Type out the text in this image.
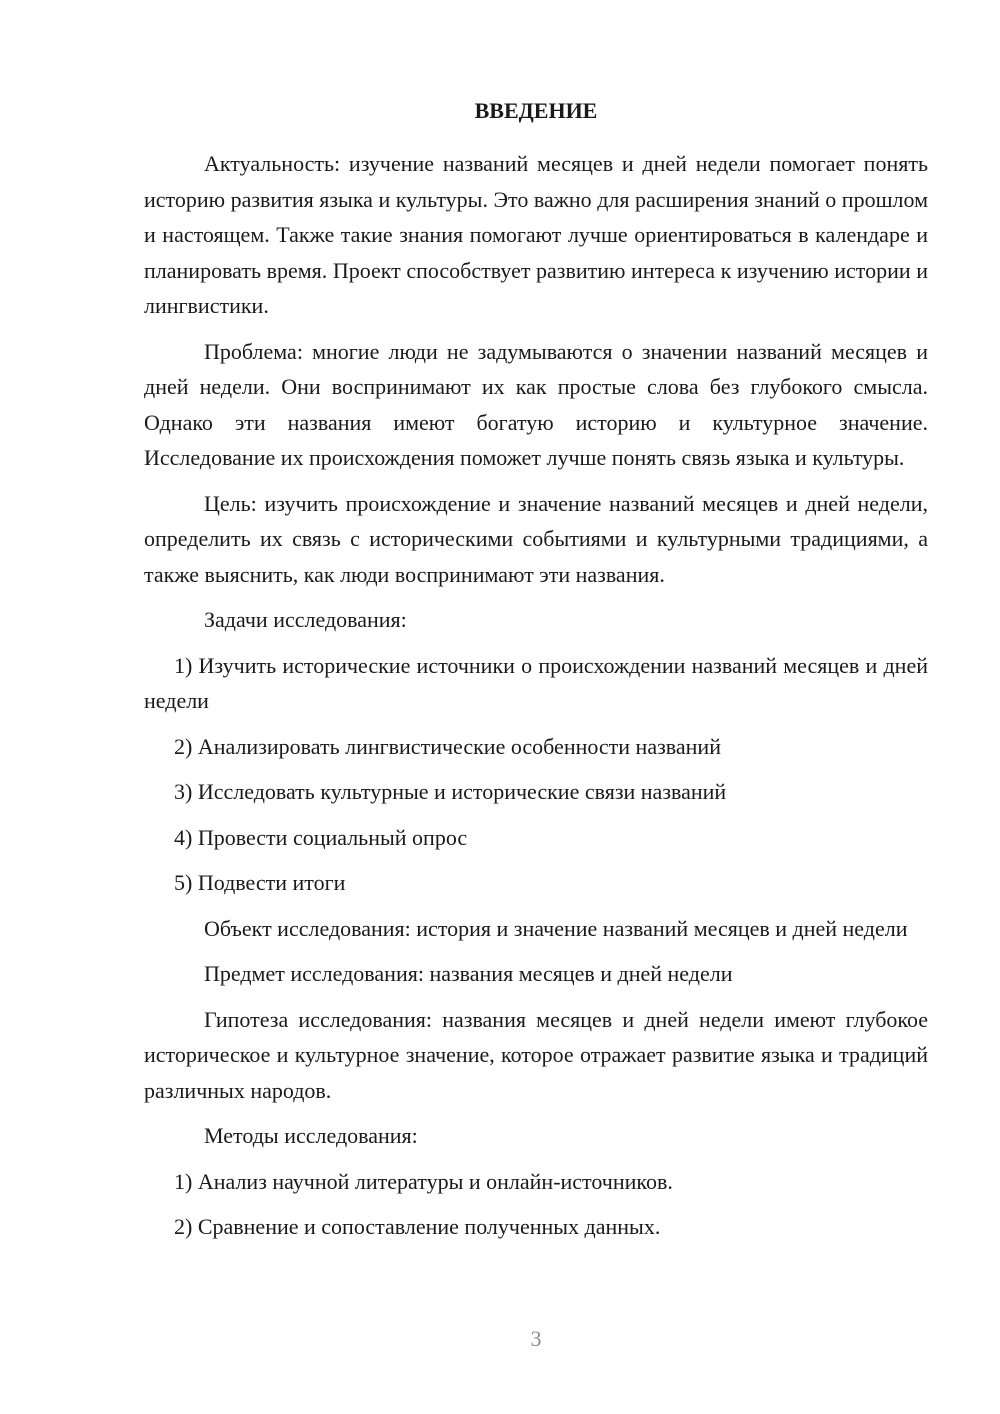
ВВЕДЕНИЕ
Актуальность: изучение названий месяцев и дней недели помогает понять историю развития языка и культуры. Это важно для расширения знаний о прошлом и настоящем. Также такие знания помогают лучше ориентироваться в календаре и планировать время. Проект способствует развитию интереса к изучению истории и лингвистики.
Проблема: многие люди не задумываются о значении названий месяцев и дней недели. Они воспринимают их как простые слова без глубокого смысла. Однако эти названия имеют богатую историю и культурное значение. Исследование их происхождения поможет лучше понять связь языка и культуры.
Цель: изучить происхождение и значение названий месяцев и дней недели, определить их связь с историческими событиями и культурными традициями, а также выяснить, как люди воспринимают эти названия.
Задачи исследования:
1) Изучить исторические источники о происхождении названий месяцев и дней недели
2) Анализировать лингвистические особенности названий
3) Исследовать культурные и исторические связи названий
4) Провести социальный опрос
5) Подвести итоги
Объект исследования: история и значение названий месяцев и дней недели
Предмет исследования: названия месяцев и дней недели
Гипотеза исследования: названия месяцев и дней недели имеют глубокое историческое и культурное значение, которое отражает развитие языка и традиций различных народов.
Методы исследования:
1) Анализ научной литературы и онлайн-источников.
2) Сравнение и сопоставление полученных данных.
3
